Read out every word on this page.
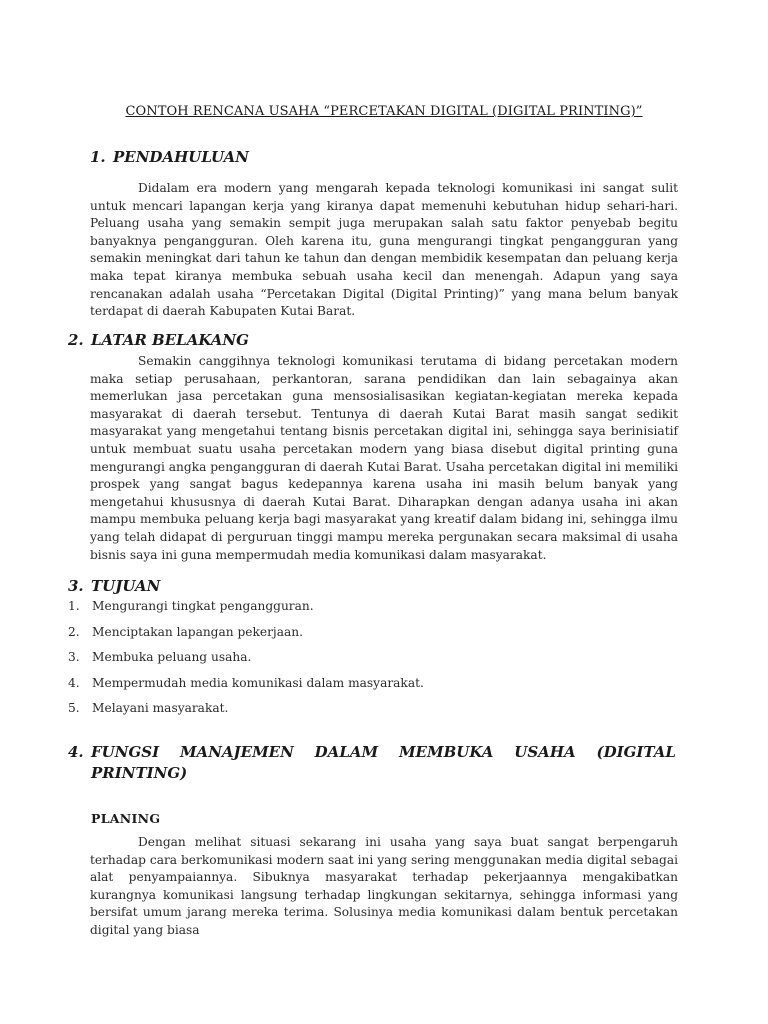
CONTOH RENCANA USAHA “PERCETAKAN DIGITAL (DIGITAL PRINTING)”
1. PENDAHULUAN

Didalam era modern yang mengarah kepada teknologi komunikasi ini sangat sulit untuk mencari lapangan kerja yang kiranya dapat memenuhi kebutuhan hidup sehari-hari. Peluang usaha yang semakin sempit juga merupakan salah satu faktor penyebab begitu banyaknya pengangguran. Oleh karena itu, guna mengurangi tingkat pengangguran yang semakin meningkat dari tahun ke tahun dan dengan membidik kesempatan dan peluang kerja maka tepat kiranya membuka sebuah usaha kecil dan menengah. Adapun yang saya rencanakan adalah usaha “Percetakan Digital (Digital Printing)” yang mana belum banyak terdapat di daerah Kabupaten Kutai Barat.

2. LATAR BELAKANG

Semakin canggihnya teknologi komunikasi terutama di bidang percetakan modern maka setiap perusahaan, perkantoran, sarana pendidikan dan lain sebagainya akan memerlukan jasa percetakan guna mensosialisasikan kegiatan-kegiatan mereka kepada masyarakat di daerah tersebut. Tentunya di daerah Kutai Barat masih sangat sedikit masyarakat yang mengetahui tentang bisnis percetakan digital ini, sehingga saya berinisiatif untuk membuat suatu usaha percetakan modern yang biasa disebut digital printing guna mengurangi angka pengangguran di daerah Kutai Barat. Usaha percetakan digital ini memiliki prospek yang sangat bagus kedepannya karena usaha ini masih belum banyak yang mengetahui khususnya di daerah Kutai Barat. Diharapkan dengan adanya usaha ini akan mampu membuka peluang kerja bagi masyarakat yang kreatif dalam bidang ini, sehingga ilmu yang telah didapat di perguruan tinggi mampu mereka pergunakan secara maksimal di usaha bisnis saya ini guna mempermudah media komunikasi dalam masyarakat.

3. TUJUAN
1.	Mengurangi tingkat pengangguran.
2.	Menciptakan lapangan pekerjaan.
3.	Membuka peluang usaha.
4.	Mempermudah media komunikasi dalam masyarakat.
5.	Melayani masyarakat.
4. FUNGSI MANAJEMEN DALAM MEMBUKA USAHA (DIGITAL
PRINTING)
PLANING

Dengan melihat situasi sekarang ini usaha yang saya buat sangat berpengaruh terhadap cara berkomunikasi modern saat ini yang sering menggunakan media digital sebagai alat penyampaiannya. Sibuknya masyarakat terhadap pekerjaannya mengakibatkan kurangnya komunikasi langsung terhadap lingkungan sekitarnya, sehingga informasi yang bersifat umum jarang mereka terima. Solusinya media komunikasi dalam bentuk percetakan digital yang biasa
